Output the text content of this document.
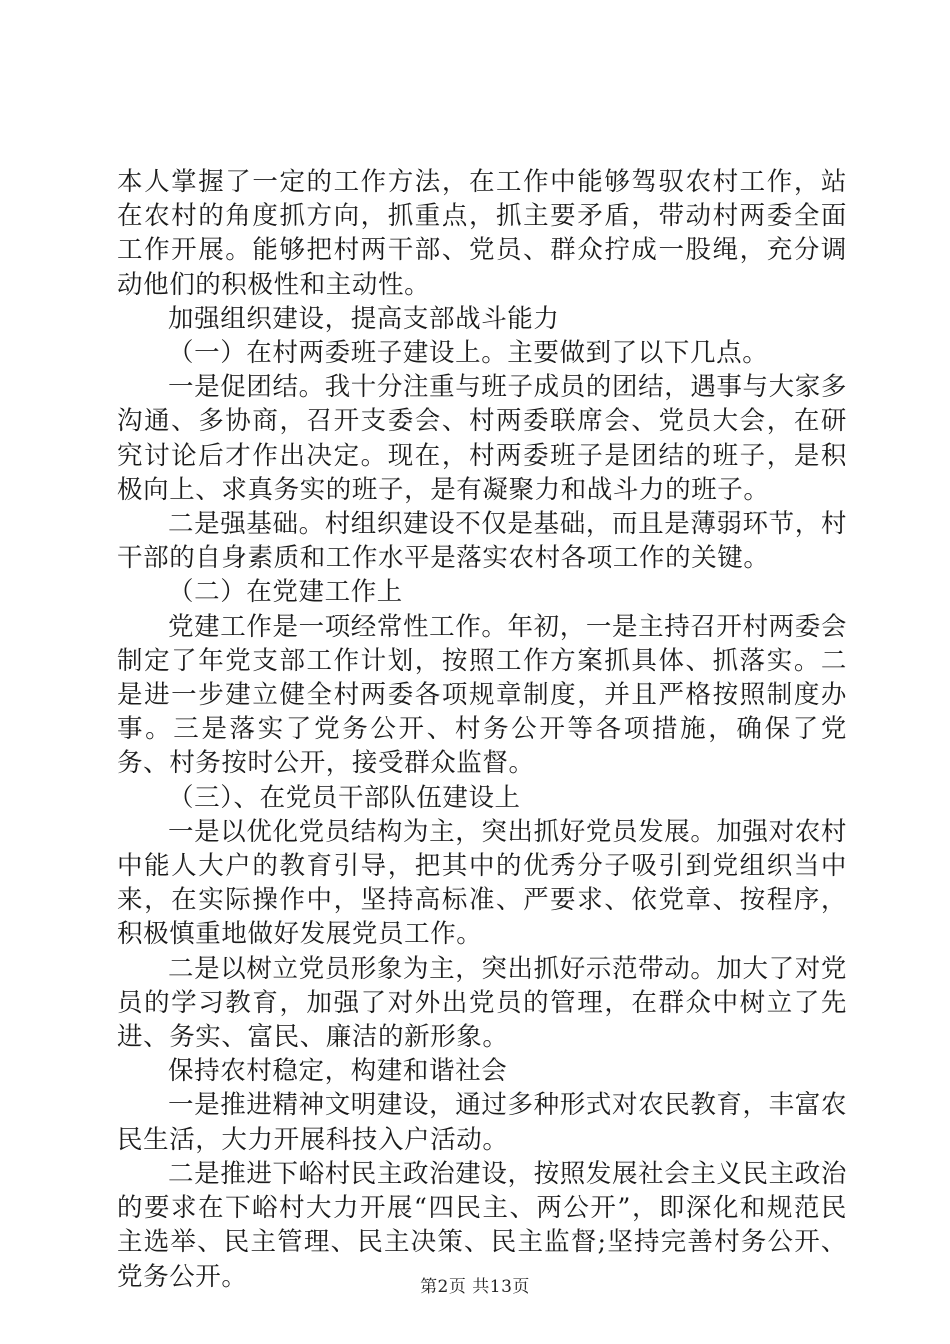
本人掌握了一定的工作方法，在工作中能够驾驭农村工作，站在农村的角度抓方向，抓重点，抓主要矛盾，带动村两委全面工作开展。能够把村两干部、党员、群众拧成一股绳，充分调动他们的积极性和主动性。

加强组织建设，提高支部战斗能力

（一）在村两委班子建设上。主要做到了以下几点。

一是促团结。我十分注重与班子成员的团结，遇事与大家多沟通、多协商，召开支委会、村两委联席会、党员大会，在研究讨论后才作出决定。现在，村两委班子是团结的班子，是积极向上、求真务实的班子，是有凝聚力和战斗力的班子。

二是强基础。村组织建设不仅是基础，而且是薄弱环节，村干部的自身素质和工作水平是落实农村各项工作的关键。

（二）在党建工作上

党建工作是一项经常性工作。年初，一是主持召开村两委会制定了年党支部工作计划，按照工作方案抓具体、抓落实。二是进一步建立健全村两委各项规章制度，并且严格按照制度办事。三是落实了党务公开、村务公开等各项措施，确保了党务、村务按时公开，接受群众监督。

（三）、在党员干部队伍建设上

一是以优化党员结构为主，突出抓好党员发展。加强对农村中能人大户的教育引导，把其中的优秀分子吸引到党组织当中来，在实际操作中，坚持高标准、严要求、依党章、按程序，积极慎重地做好发展党员工作。

二是以树立党员形象为主，突出抓好示范带动。加大了对党员的学习教育，加强了对外出党员的管理，在群众中树立了先进、务实、富民、廉洁的新形象。

保持农村稳定，构建和谐社会

一是推进精神文明建设，通过多种形式对农民教育，丰富农民生活，大力开展科技入户活动。

二是推进下峪村民主政治建设，按照发展社会主义民主政治的要求在下峪村大力开展“四民主、两公开”，即深化和规范民主选举、民主管理、民主决策、民主监督;坚持完善村务公开、党务公开。	第2页 共13页
